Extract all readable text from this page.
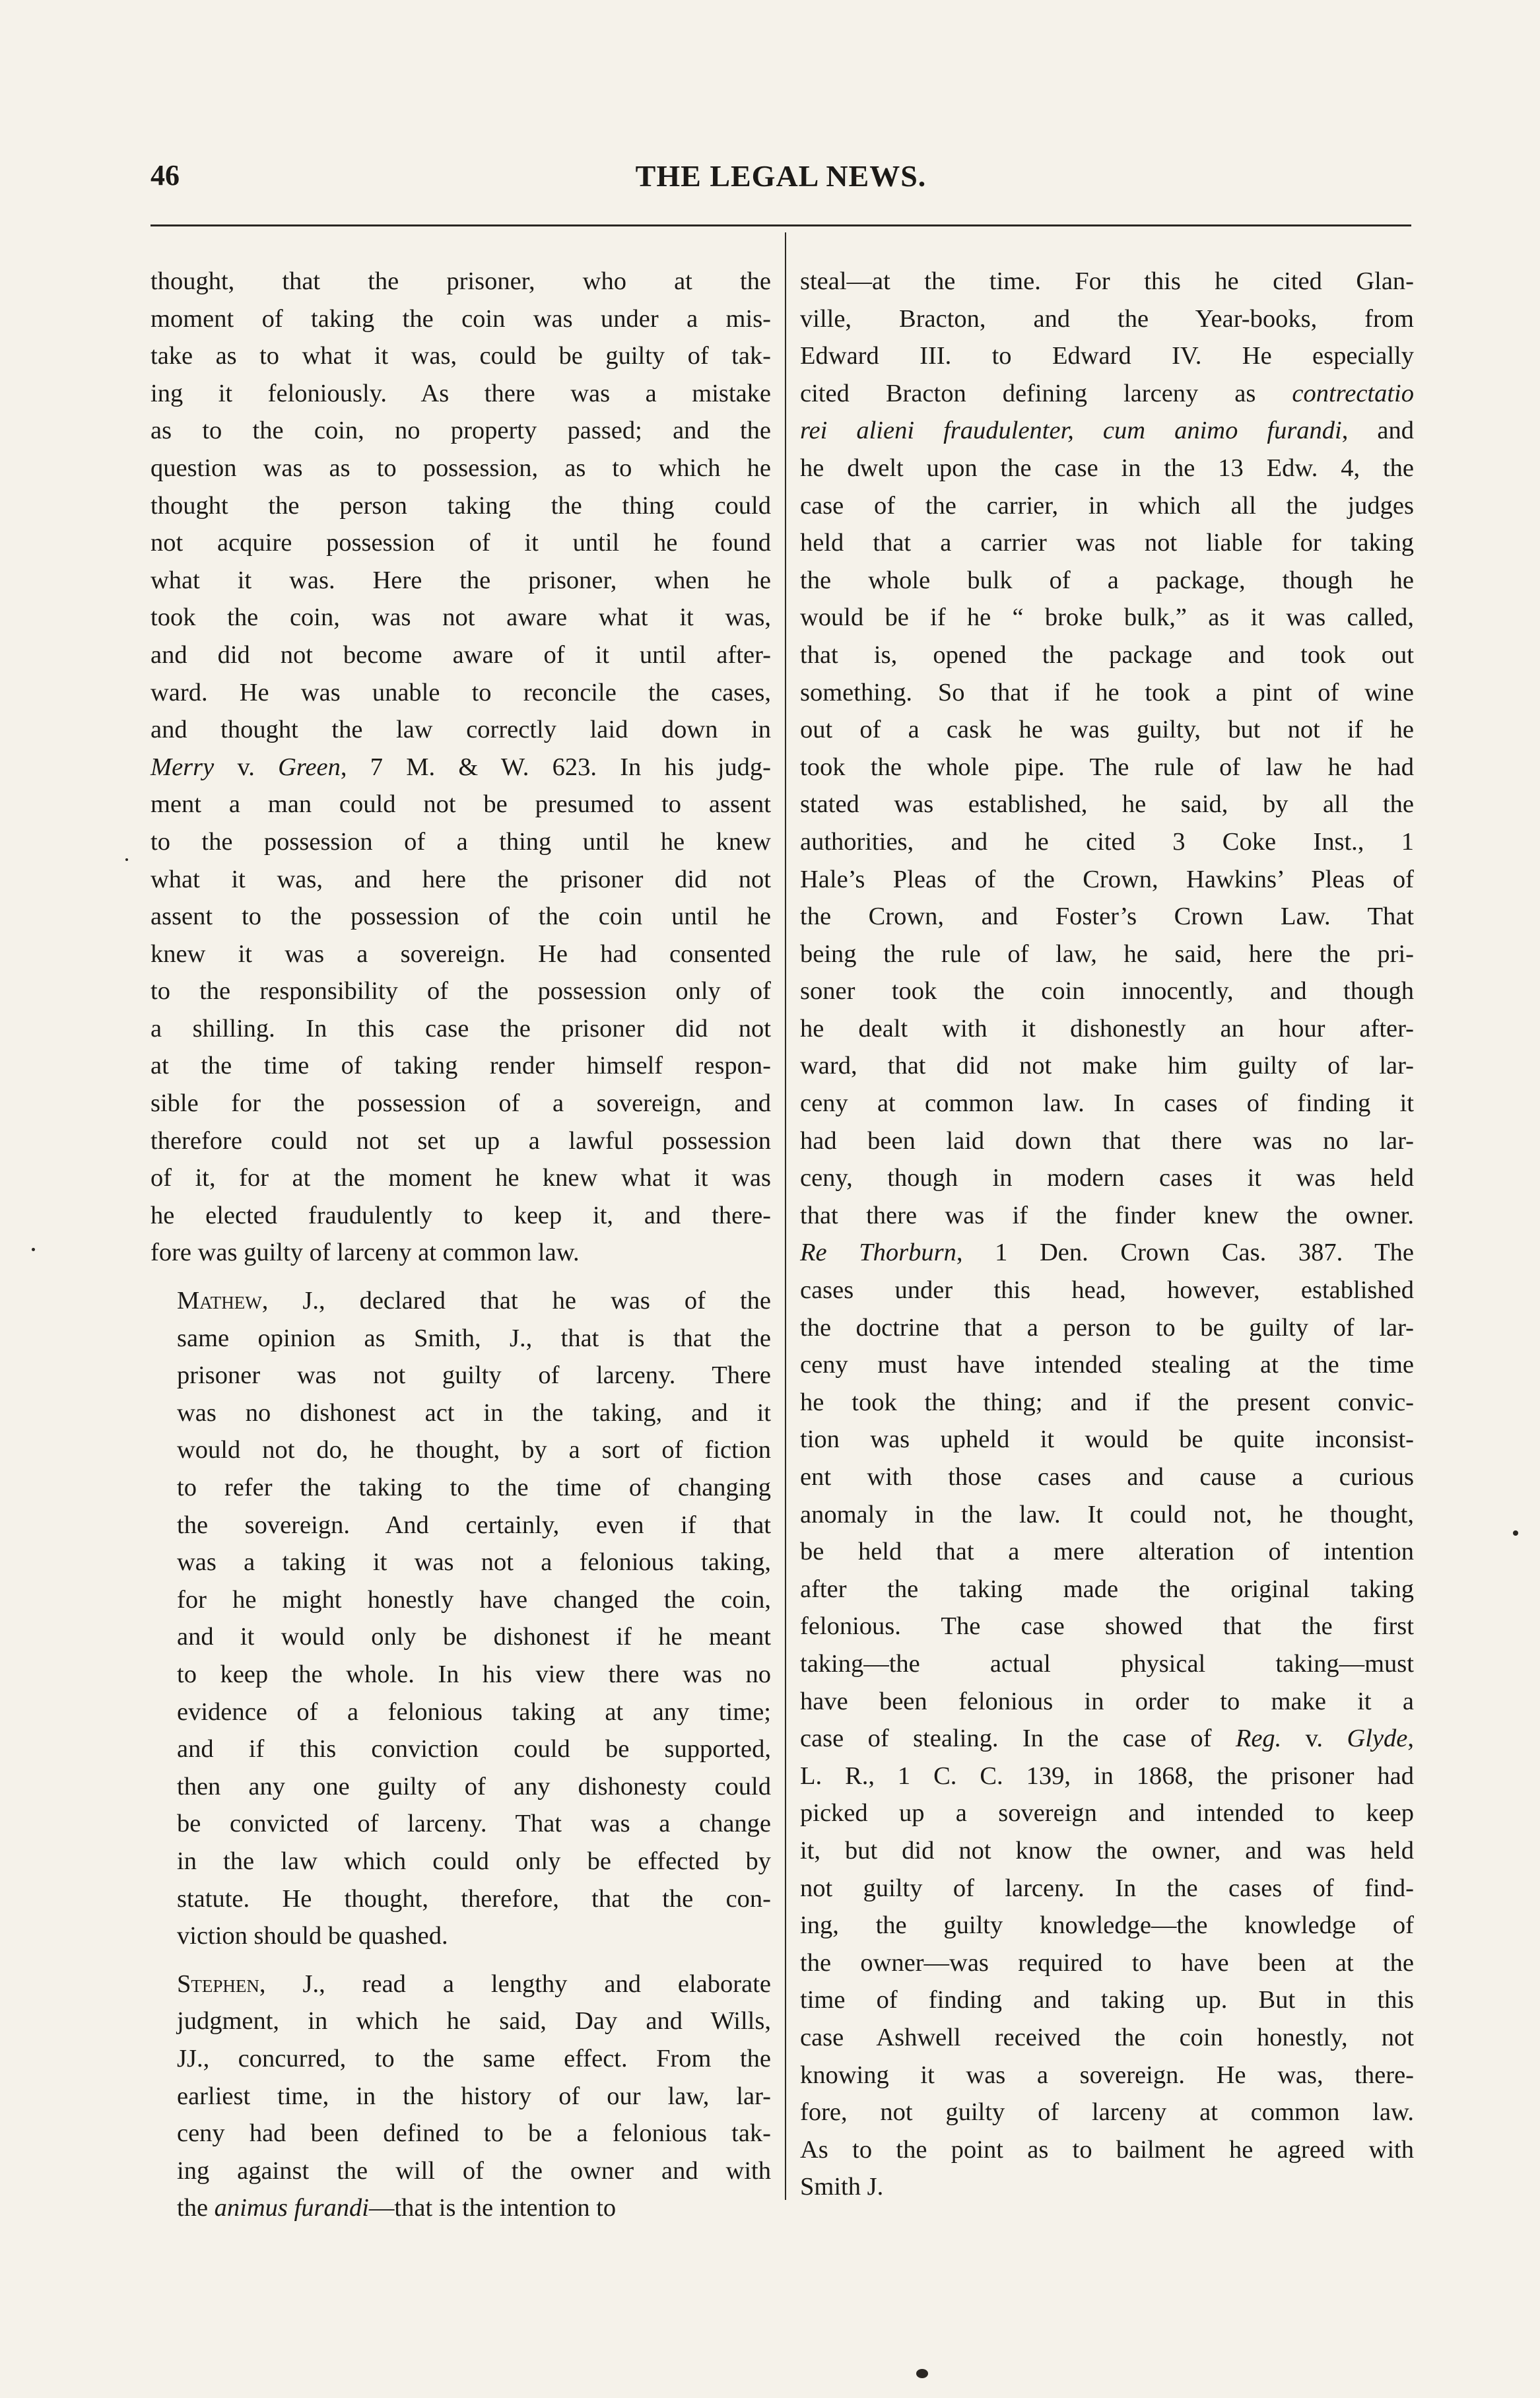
46	THE LEGAL NEWS.
thought, that the prisoner, who at the
moment of taking the coin was under a mis-
take as to what it was, could be guilty of tak-
ing it feloniously. As there was a mistake
as to the coin, no property passed; and the
question was as to possession, as to which he
thought the person taking the thing could
not acquire possession of it until he found
what it was. Here the prisoner, when he
took the coin, was not aware what it was,
and did not become aware of it until after-
ward. He was unable to reconcile the cases,
and thought the law correctly laid down in
Merry v. Green, 7 M. & W. 623. In his judg-
ment a man could not be presumed to assent
to the possession of a thing until he knew
what it was, and here the prisoner did not
assent to the possession of the coin until he
knew it was a sovereign. He had consented
to the responsibility of the possession only of
a shilling. In this case the prisoner did not
at the time of taking render himself respon-
sible for the possession of a sovereign, and
therefore could not set up a lawful possession
of it, for at the moment he knew what it was
he elected fraudulently to keep it, and there-
fore was guilty of larceny at common law.
Mathew, J., declared that he was of the
same opinion as Smith, J., that is that the
prisoner was not guilty of larceny. There
was no dishonest act in the taking, and it
would not do, he thought, by a sort of fiction
to refer the taking to the time of changing
the sovereign. And certainly, even if that
was a taking it was not a felonious taking,
for he might honestly have changed the coin,
and it would only be dishonest if he meant
to keep the whole. In his view there was no
evidence of a felonious taking at any time;
and if this conviction could be supported,
then any one guilty of any dishonesty could
be convicted of larceny. That was a change
in the law which could only be effected by
statute. He thought, therefore, that the con-
viction should be quashed.
Stephen, J., read a lengthy and elaborate
judgment, in which he said, Day and Wills,
JJ., concurred, to the same effect. From the
earliest time, in the history of our law, lar-
ceny had been defined to be a felonious tak-
ing against the will of the owner and with
the animus furandi—that is the intention to
steal—at the time. For this he cited Glan-
ville, Bracton, and the Year-books, from
Edward III. to Edward IV. He especially
cited Bracton defining larceny as contrectatio
rei alieni fraudulenter, cum animo furandi, and
he dwelt upon the case in the 13 Edw. 4, the
case of the carrier, in which all the judges
held that a carrier was not liable for taking
the whole bulk of a package, though he
would be if he “ broke bulk,” as it was called,
that is, opened the package and took out
something. So that if he took a pint of wine
out of a cask he was guilty, but not if he
took the whole pipe. The rule of law he had
stated was established, he said, by all the
authorities, and he cited 3 Coke Inst., 1
Hale’s Pleas of the Crown, Hawkins’ Pleas of
the Crown, and Foster’s Crown Law. That
being the rule of law, he said, here the pri-
soner took the coin innocently, and though
he dealt with it dishonestly an hour after-
ward, that did not make him guilty of lar-
ceny at common law. In cases of finding it
had been laid down that there was no lar-
ceny, though in modern cases it was held
that there was if the finder knew the owner.
Re Thorburn, 1 Den. Crown Cas. 387. The
cases under this head, however, established
the doctrine that a person to be guilty of lar-
ceny must have intended stealing at the time
he took the thing; and if the present convic-
tion was upheld it would be quite inconsist-
ent with those cases and cause a curious
anomaly in the law. It could not, he thought,
be held that a mere alteration of intention
after the taking made the original taking
felonious. The case showed that the first
taking—the actual physical taking—must
have been felonious in order to make it a
case of stealing. In the case of Reg. v. Glyde,
L. R., 1 C. C. 139, in 1868, the prisoner had
picked up a sovereign and intended to keep
it, but did not know the owner, and was held
not guilty of larceny. In the cases of find-
ing, the guilty knowledge—the knowledge of
the owner—was required to have been at the
time of finding and taking up. But in this
case Ashwell received the coin honestly, not
knowing it was a sovereign. He was, there-
fore, not guilty of larceny at common law.
As to the point as to bailment he agreed with
Smith J.
